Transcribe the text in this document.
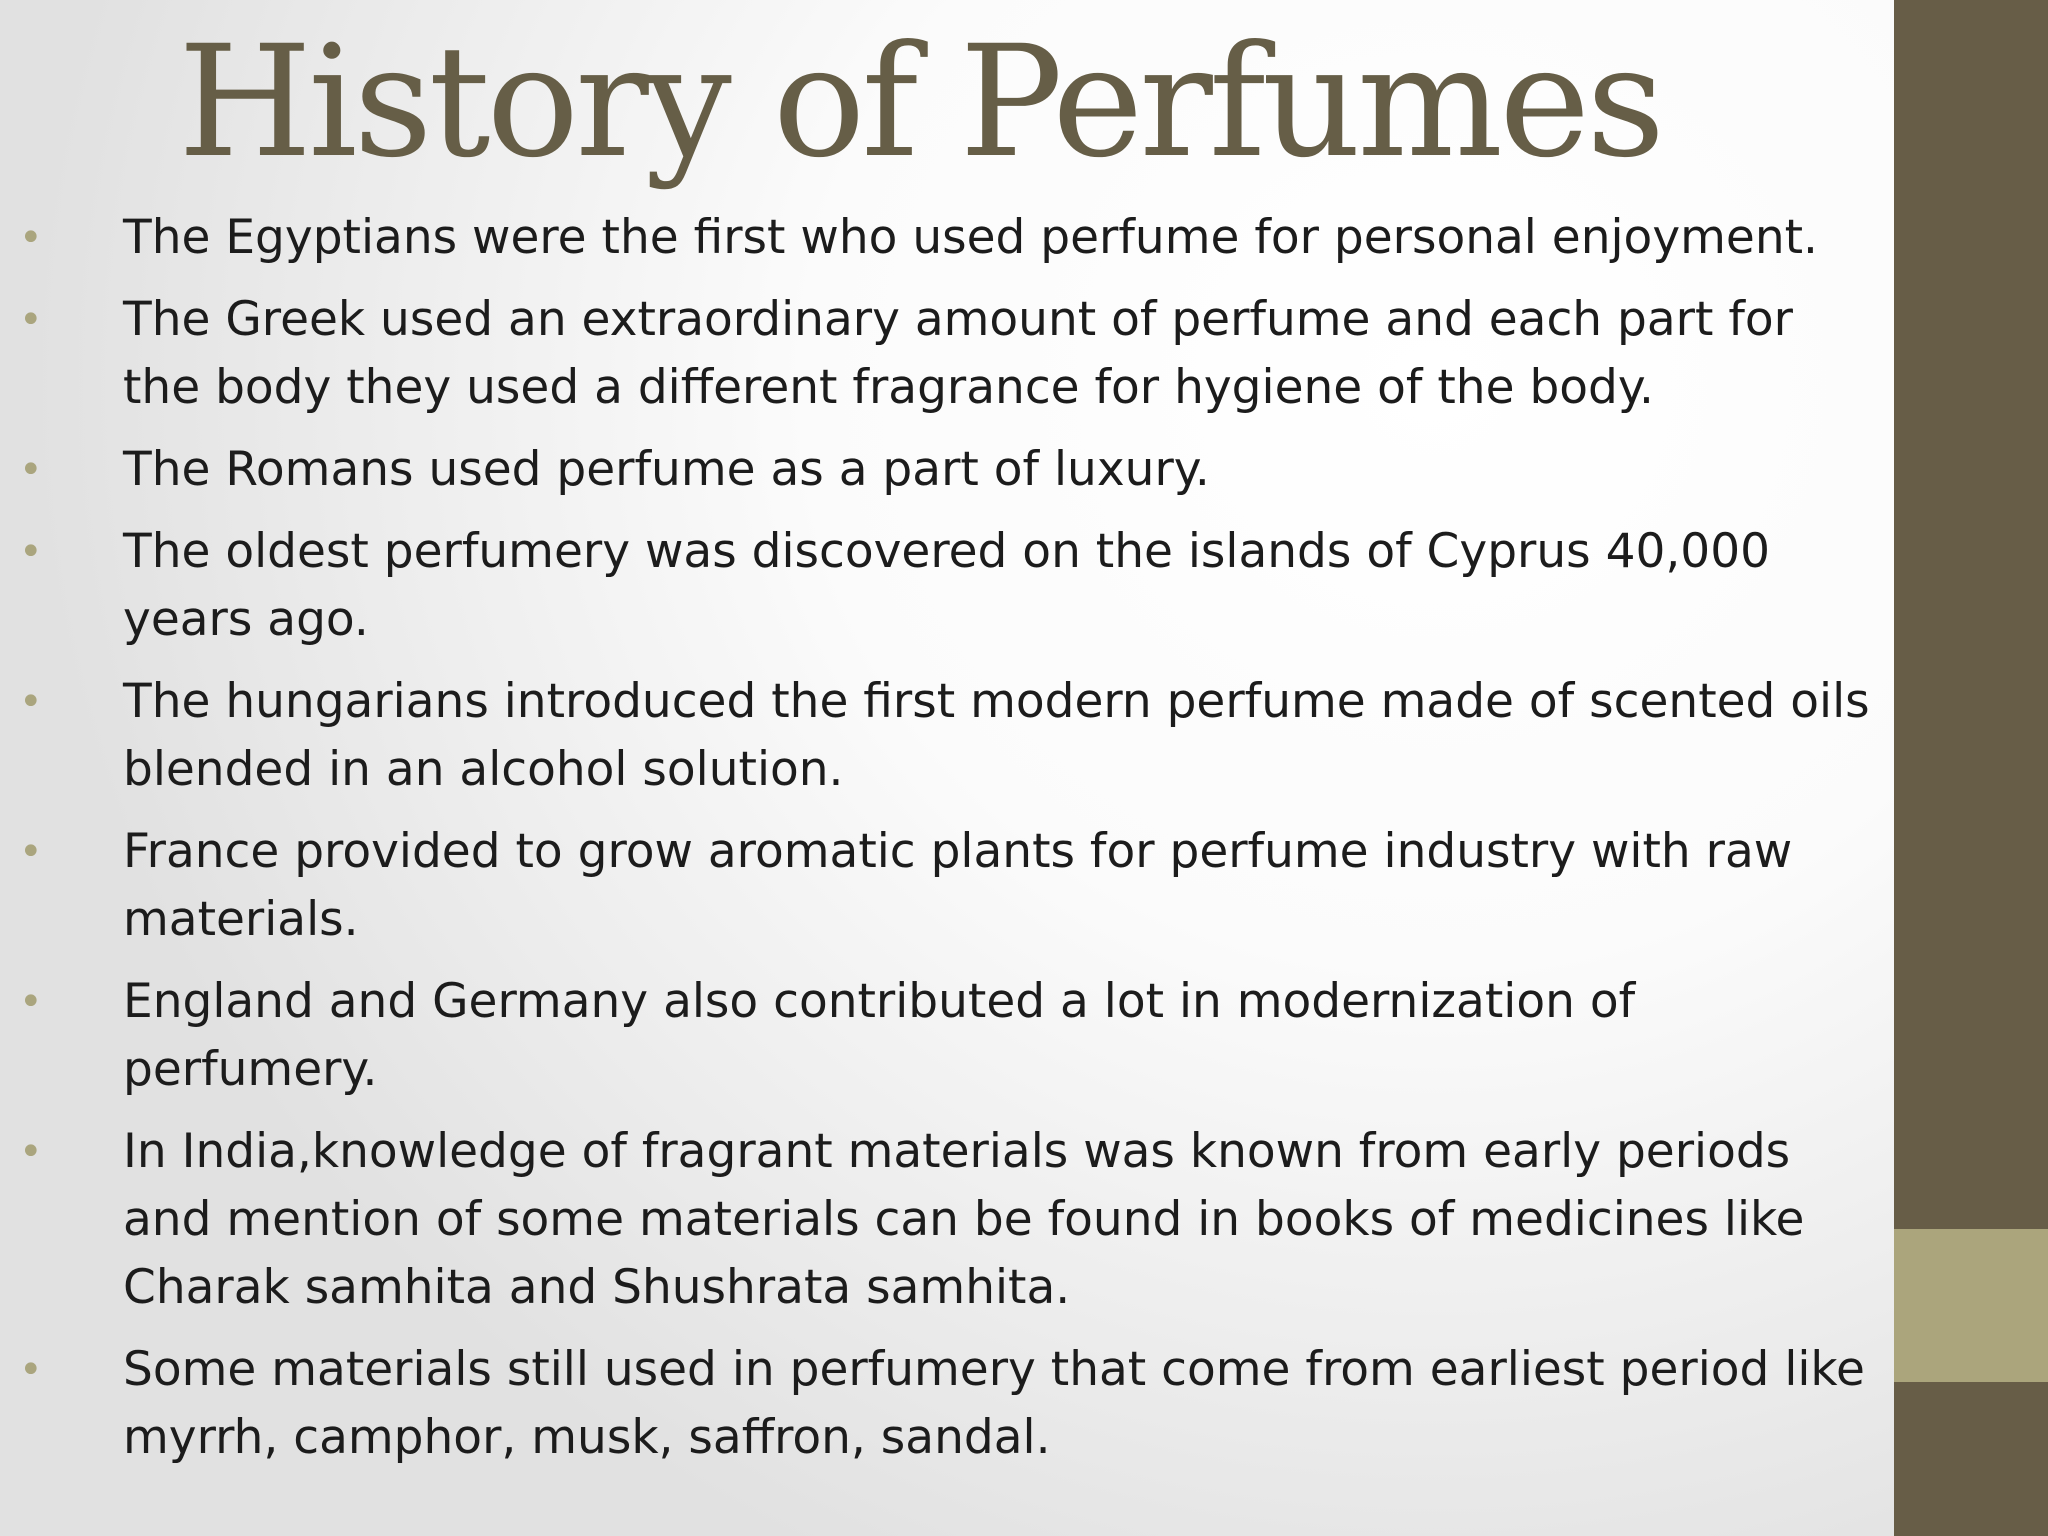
History of Perfumes
• The Egyptians were the first who used perfume for personal enjoyment.
• The Greek used an extraordinary amount of perfume and each part for the body they used a different fragrance for hygiene of the body.
• The Romans used perfume as a part of luxury.
• The oldest perfumery was discovered on the islands of Cyprus 40,000 years ago.
• The hungarians introduced the first modern perfume made of scented oils blended in an alcohol solution.
• France provided to grow aromatic plants for perfume industry with raw materials.
• England and Germany also contributed a lot in modernization of perfumery.
• In India,knowledge of fragrant materials was known from early periods and mention of some materials can be found in books of medicines like Charak samhita and Shushrata samhita.
• Some materials still used in perfumery that come from earliest period like myrrh, camphor, musk, saffron, sandal.
